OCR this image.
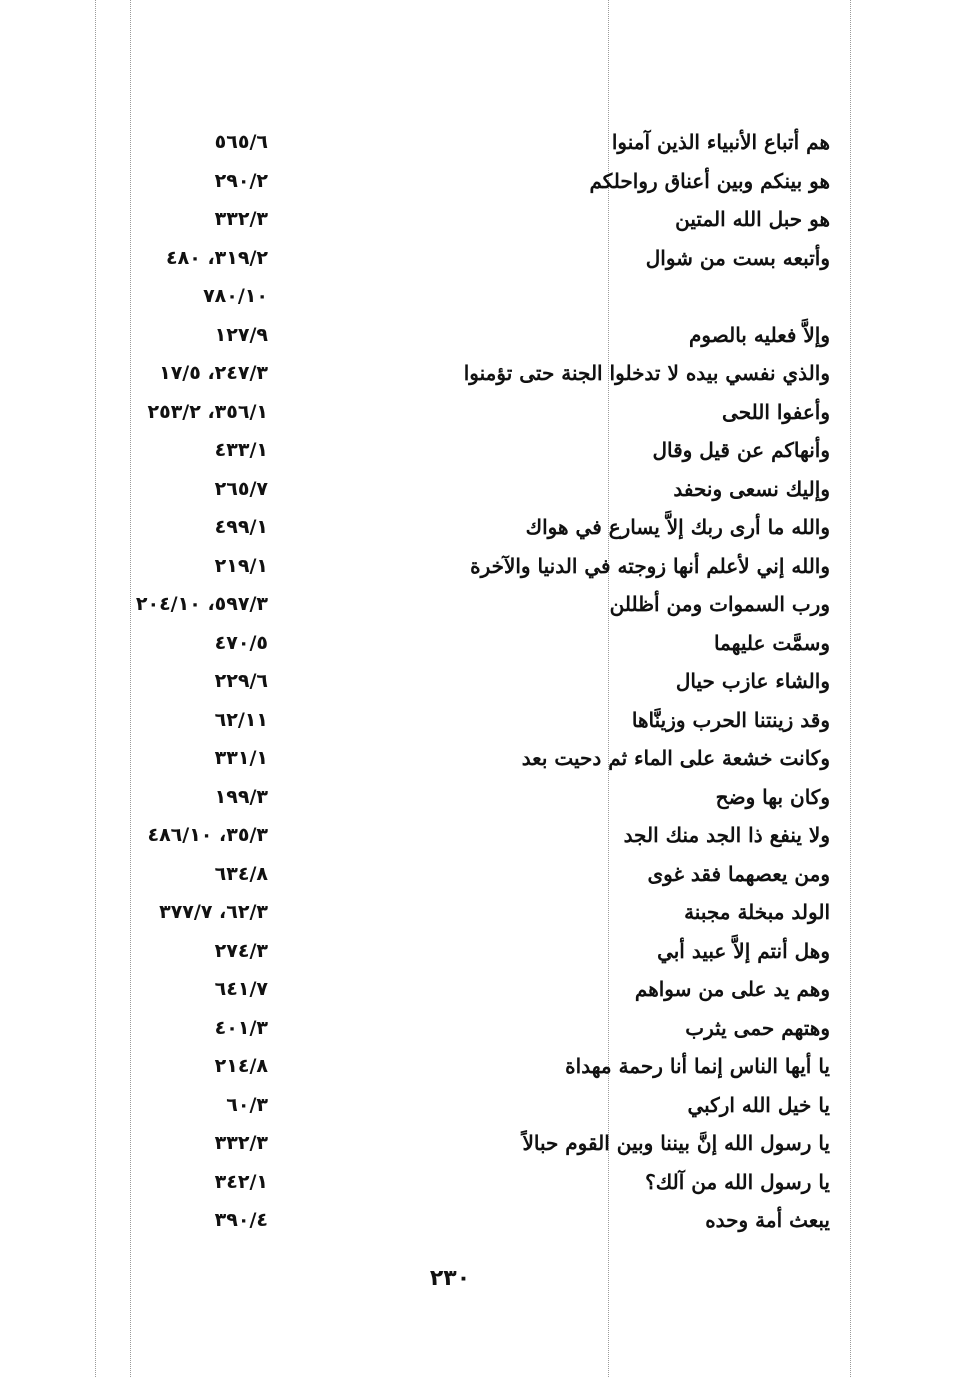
هم أتباع الأنبياء الذين آمنوا
٥٦٥/٦
هو بينكم وبين أعناق رواحلكم
٢٩٠/٢
هو حبل الله المتين
٣٣٢/٣
وأتبعه بست من شوال
٣١٩/٢، ٤٨٠
٧٨٠/١٠
وإلاَّ فعليه بالصوم
١٢٧/٩
والذي نفسي بيده لا تدخلوا الجنة حتى تؤمنوا
٢٤٧/٣، ١٧/٥
وأعفوا اللحى
٣٥٦/١، ٢٥٣/٢
وأنهاكم عن قيل وقال
٤٣٣/١
وإليك نسعى ونحفد
٢٦٥/٧
والله ما أرى ربك إلاَّ يسارع في هواك
٤٩٩/١
والله إني لأعلم أنها زوجته في الدنيا والآخرة
٢١٩/١
ورب السموات ومن أظللن
٥٩٧/٣، ٢٠٤/١٠
وسمَّت عليهما
٤٧٠/٥
والشاء عازب حيال
٢٢٩/٦
وقد زينتنا الحرب وزينَّاها
٦٢/١١
وكانت خشعة على الماء ثم دحيت بعد
٣٣١/١
وكان بها وضح
١٩٩/٣
ولا ينفع ذا الجد منك الجد
٣٥/٣، ٤٨٦/١٠
ومن يعصهما فقد غوى
٦٣٤/٨
الولد مبخلة مجبنة
٦٢/٣، ٣٧٧/٧
وهل أنتم إلاَّ عبيد أبي
٢٧٤/٣
وهم يد على من سواهم
٦٤١/٧
وهتهم حمى يثرب
٤٠١/٣
يا أيها الناس إنما أنا رحمة مهداة
٢١٤/٨
يا خيل الله اركبي
٦٠/٣
يا رسول الله إنَّ بيننا وبين القوم حبالاً
٣٣٢/٣
يا رسول الله من آلك؟
٣٤٢/١
يبعث أمة وحده
٣٩٠/٤
٢٣٠
